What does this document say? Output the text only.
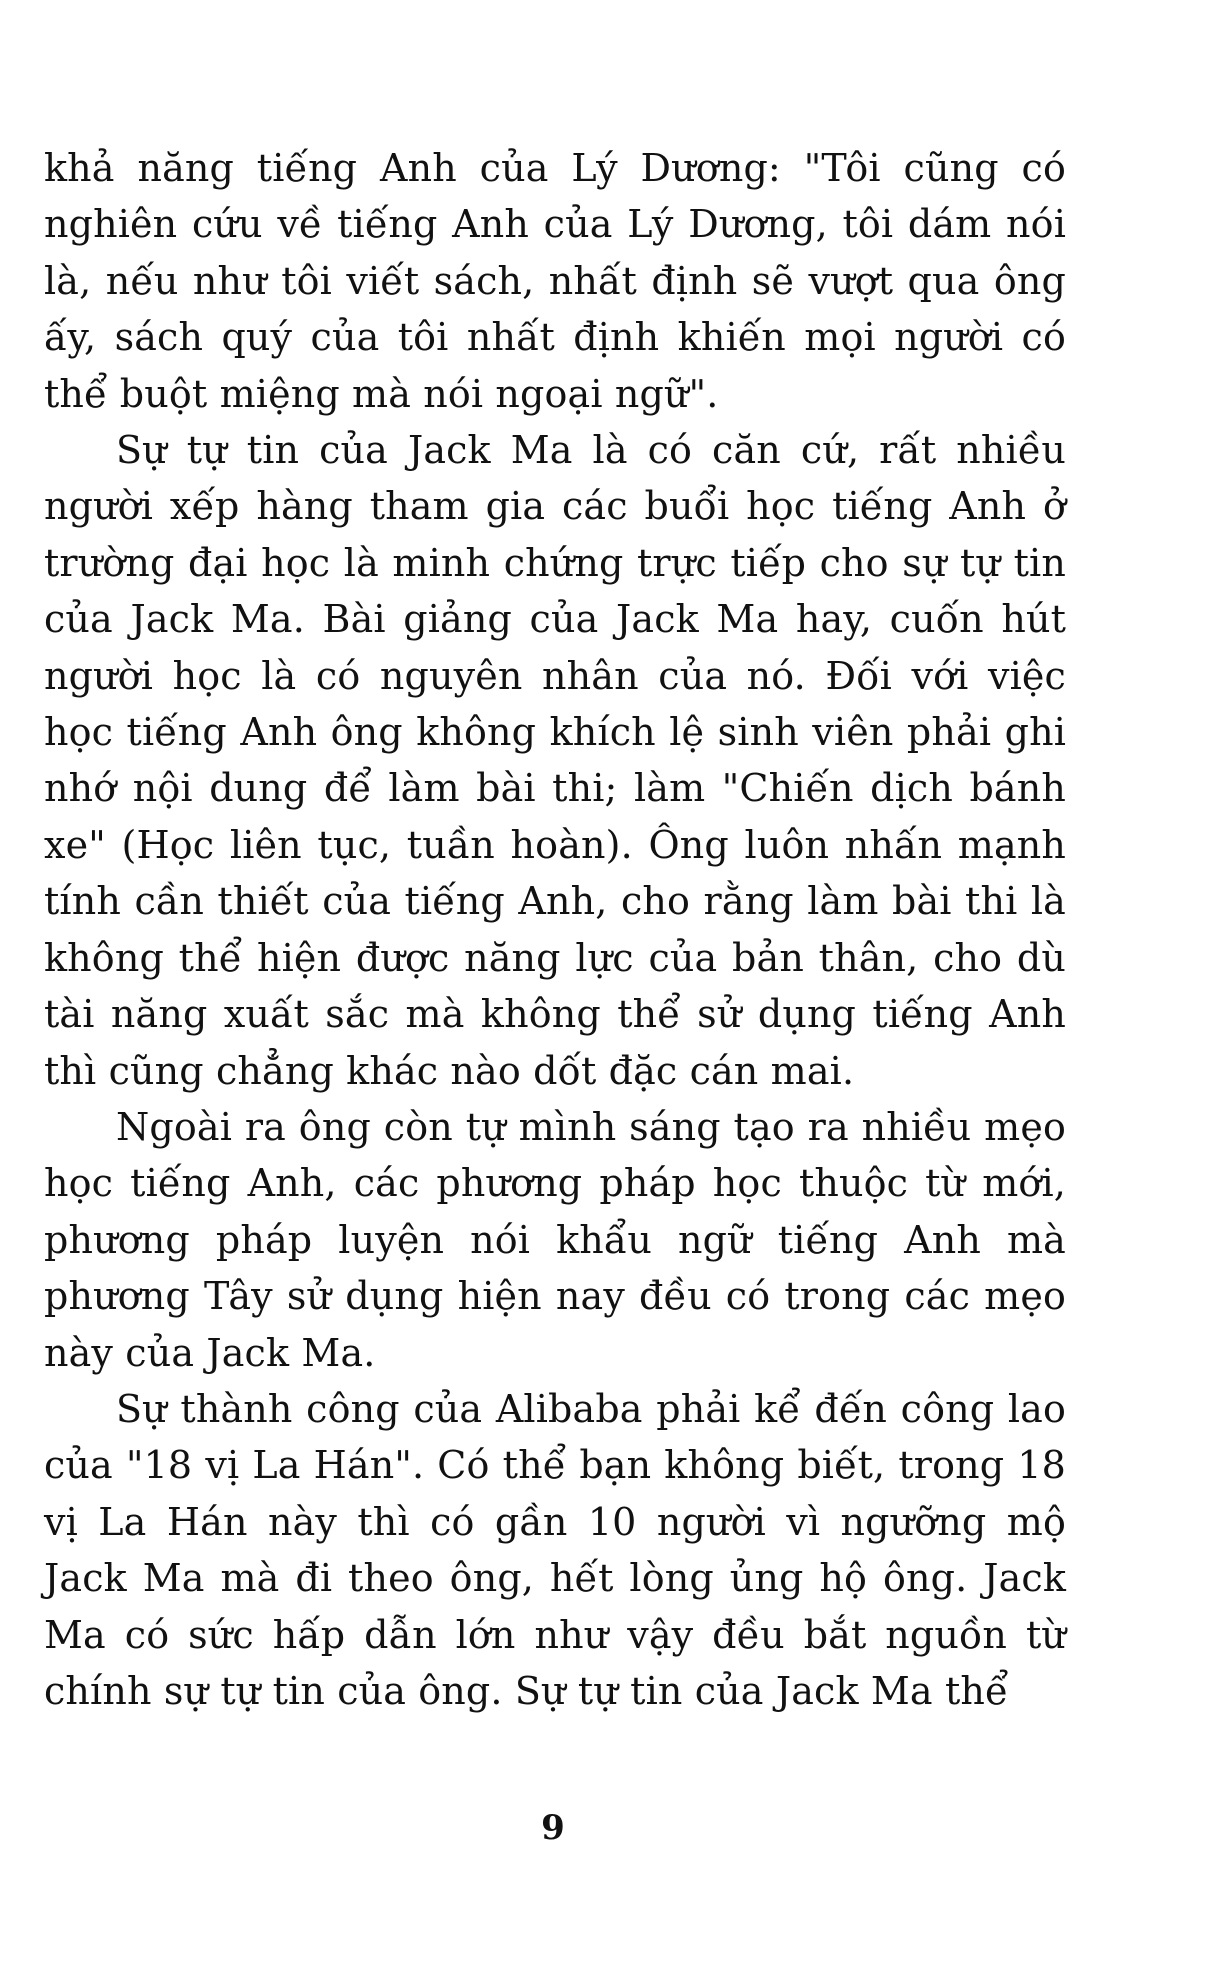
khả năng tiếng Anh của Lý Dương: "Tôi cũng có nghiên cứu về tiếng Anh của Lý Dương, tôi dám nói là, nếu như tôi viết sách, nhất định sẽ vượt qua ông ấy, sách quý của tôi nhất định khiến mọi người có thể buột miệng mà nói ngoại ngữ".

Sự tự tin của Jack Ma là có căn cứ, rất nhiều người xếp hàng tham gia các buổi học tiếng Anh ở trường đại học là minh chứng trực tiếp cho sự tự tin của Jack Ma. Bài giảng của Jack Ma hay, cuốn hút người học là có nguyên nhân của nó. Đối với việc học tiếng Anh ông không khích lệ sinh viên phải ghi nhớ nội dung để làm bài thi; làm "Chiến dịch bánh xe" (Học liên tục, tuần hoàn). Ông luôn nhấn mạnh tính cần thiết của tiếng Anh, cho rằng làm bài thi là không thể hiện được năng lực của bản thân, cho dù tài năng xuất sắc mà không thể sử dụng tiếng Anh thì cũng chẳng khác nào dốt đặc cán mai.

Ngoài ra ông còn tự mình sáng tạo ra nhiều mẹo học tiếng Anh, các phương pháp học thuộc từ mới, phương pháp luyện nói khẩu ngữ tiếng Anh mà phương Tây sử dụng hiện nay đều có trong các mẹo này của Jack Ma.

Sự thành công của Alibaba phải kể đến công lao của "18 vị La Hán". Có thể bạn không biết, trong 18 vị La Hán này thì có gần 10 người vì ngưỡng mộ Jack Ma mà đi theo ông, hết lòng ủng hộ ông. Jack Ma có sức hấp dẫn lớn như vậy đều bắt nguồn từ chính sự tự tin của ông. Sự tự tin của Jack Ma thể

9
